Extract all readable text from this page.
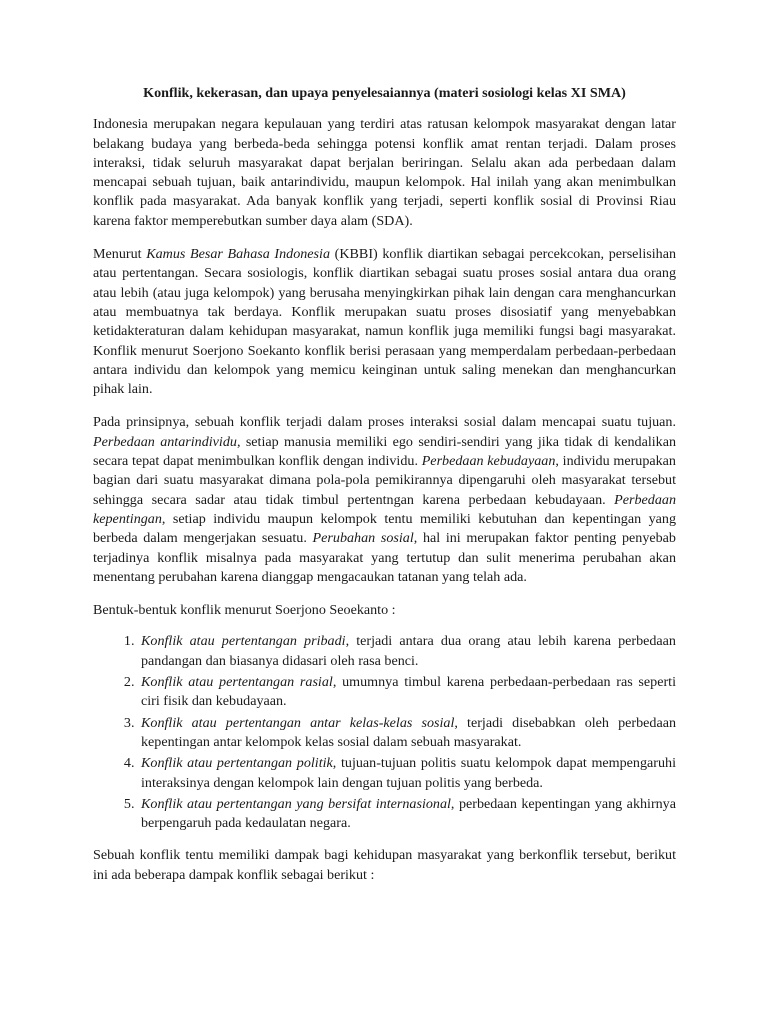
Konflik, kekerasan, dan upaya penyelesaiannya (materi sosiologi kelas XI SMA)

Indonesia merupakan negara kepulauan yang terdiri atas ratusan kelompok masyarakat dengan latar belakang budaya yang berbeda-beda sehingga potensi konflik amat rentan terjadi. Dalam proses interaksi, tidak seluruh masyarakat dapat berjalan beriringan. Selalu akan ada perbedaan dalam mencapai sebuah tujuan, baik antarindividu, maupun kelompok. Hal inilah yang akan menimbulkan konflik pada masyarakat. Ada banyak konflik yang terjadi, seperti konflik sosial di Provinsi Riau karena faktor memperebutkan sumber daya alam (SDA).

Menurut Kamus Besar Bahasa Indonesia (KBBI) konflik diartikan sebagai percekcokan, perselisihan atau pertentangan. Secara sosiologis, konflik diartikan sebagai suatu proses sosial antara dua orang atau lebih (atau juga kelompok) yang berusaha menyingkirkan pihak lain dengan cara menghancurkan atau membuatnya tak berdaya. Konflik merupakan suatu proses disosiatif yang menyebabkan ketidakteraturan dalam kehidupan masyarakat, namun konflik juga memiliki fungsi bagi masyarakat. Konflik menurut Soerjono Soekanto konflik berisi perasaan yang memperdalam perbedaan-perbedaan antara individu dan kelompok yang memicu keinginan untuk saling menekan dan menghancurkan pihak lain.

Pada prinsipnya, sebuah konflik terjadi dalam proses interaksi sosial dalam mencapai suatu tujuan. Perbedaan antarindividu, setiap manusia memiliki ego sendiri-sendiri yang jika tidak di kendalikan secara tepat dapat menimbulkan konflik dengan individu. Perbedaan kebudayaan, individu merupakan bagian dari suatu masyarakat dimana pola-pola pemikirannya dipengaruhi oleh masyarakat tersebut sehingga secara sadar atau tidak timbul pertentngan karena perbedaan kebudayaan. Perbedaan kepentingan, setiap individu maupun kelompok tentu memiliki kebutuhan dan kepentingan yang berbeda dalam mengerjakan sesuatu. Perubahan sosial, hal ini merupakan faktor penting penyebab terjadinya konflik misalnya pada masyarakat yang tertutup dan sulit menerima perubahan akan menentang perubahan karena dianggap mengacaukan tatanan yang telah ada.

Bentuk-bentuk konflik menurut Soerjono Seoekanto :

1. Konflik atau pertentangan pribadi, terjadi antara dua orang atau lebih karena perbedaan pandangan dan biasanya didasari oleh rasa benci.
2. Konflik atau pertentangan rasial, umumnya timbul karena perbedaan-perbedaan ras seperti ciri fisik dan kebudayaan.
3. Konflik atau pertentangan antar kelas-kelas sosial, terjadi disebabkan oleh perbedaan kepentingan antar kelompok kelas sosial dalam sebuah masyarakat.
4. Konflik atau pertentangan politik, tujuan-tujuan politis suatu kelompok dapat mempengaruhi interaksinya dengan kelompok lain dengan tujuan politis yang berbeda.
5. Konflik atau pertentangan yang bersifat internasional, perbedaan kepentingan yang akhirnya berpengaruh pada kedaulatan negara.

Sebuah konflik tentu memiliki dampak bagi kehidupan masyarakat yang berkonflik tersebut, berikut ini ada beberapa dampak konflik sebagai berikut :
